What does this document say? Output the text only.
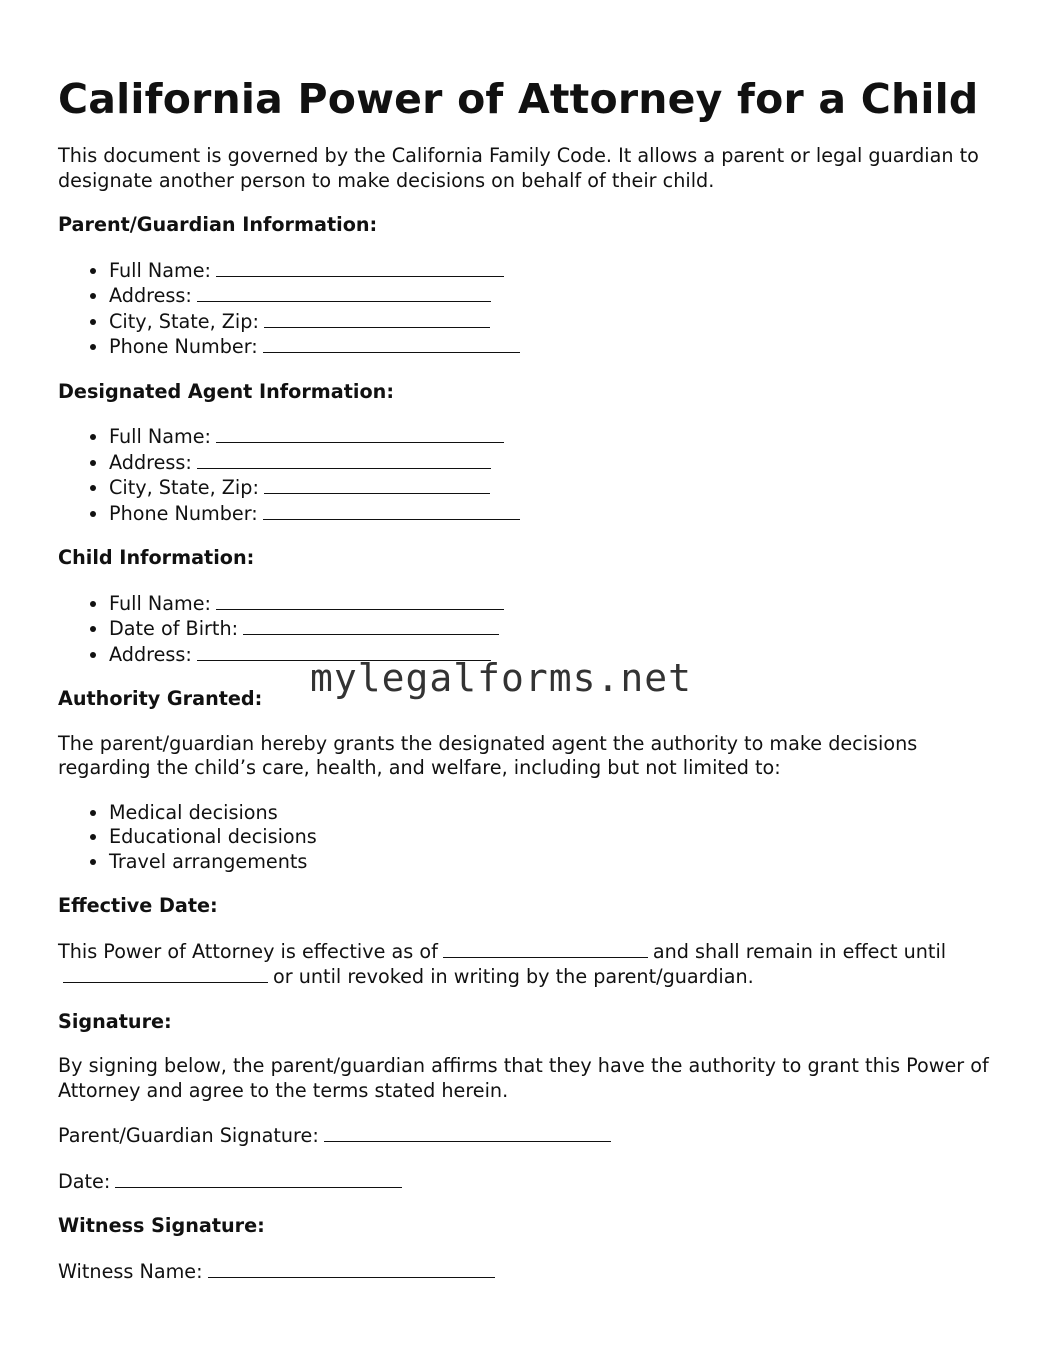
California Power of Attorney for a Child

This document is governed by the California Family Code. It allows a parent or legal guardian to designate another person to make decisions on behalf of their child.

Parent/Guardian Information:
• Full Name:
• Address:
• City, State, Zip:
• Phone Number:
Designated Agent Information:
• Full Name:
• Address:
• City, State, Zip:
• Phone Number:
Child Information:
• Full Name:
• Date of Birth:
• Address:
Authority Granted:

The parent/guardian hereby grants the designated agent the authority to make decisions regarding the child’s care, health, and welfare, including but not limited to:

• Medical decisions
• Educational decisions
• Travel arrangements
Effective Date:

This Power of Attorney is effective as of	and shall remain in effect untilor until revoked in writing by the parent/guardian.

Signature:

By signing below, the parent/guardian affirms that they have the authority to grant this Power of Attorney and agree to the terms stated herein.

Parent/Guardian Signature:

Date:

Witness Signature:

Witness Name:

mylegalforms.net
